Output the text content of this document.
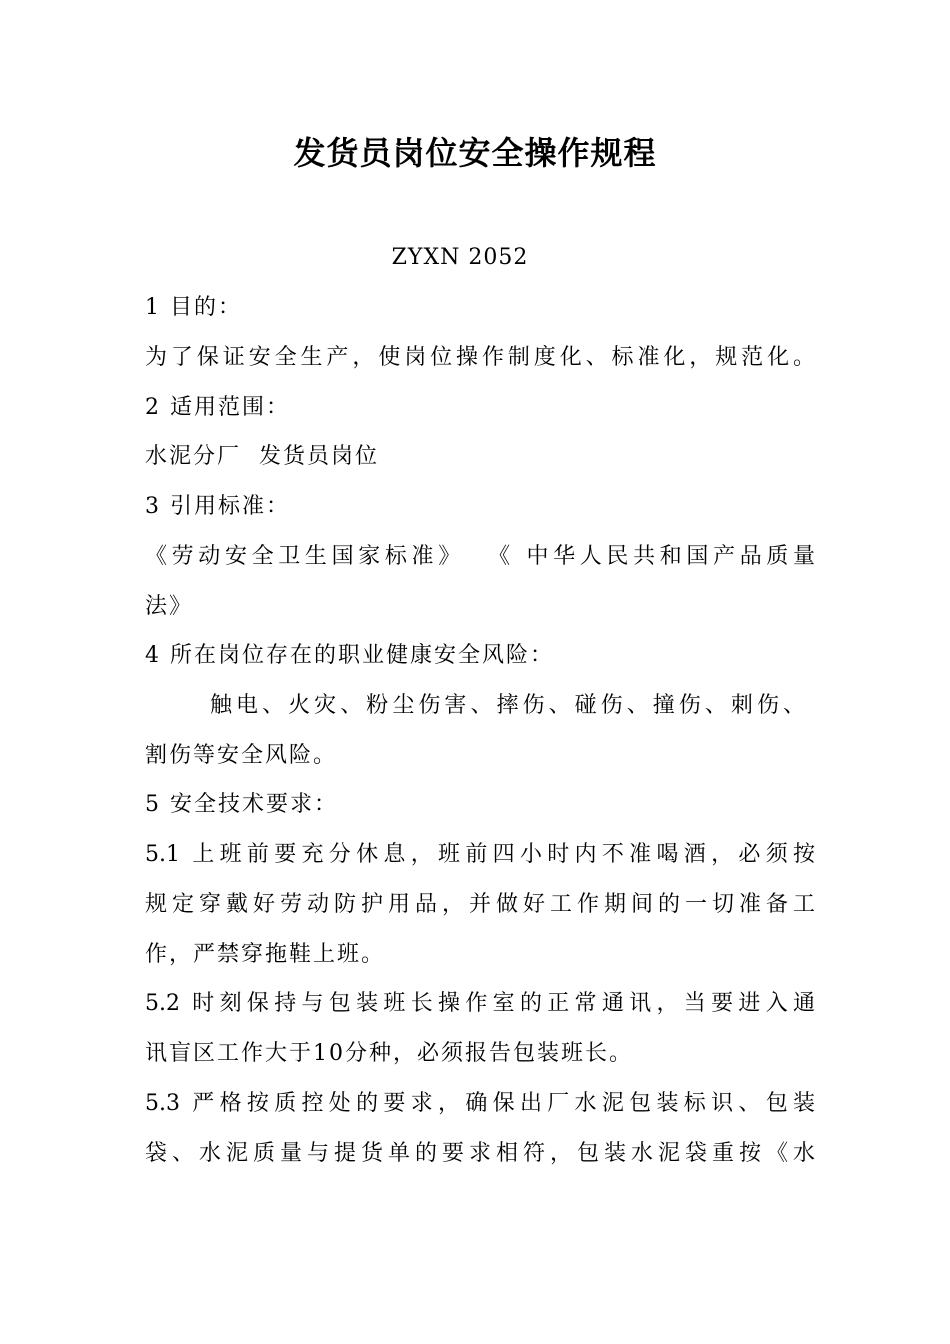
发货员岗位安全操作规程
ZYXN 2052
1 目的：
为了保证安全生产，使岗位操作制度化、标准化，规范化。
2 适用范围：
水泥分厂  发货员岗位
3 引用标准：
《劳动安全卫生国家标准》  《 中华人民共和国产品质量
法》
4 所在岗位存在的职业健康安全风险：
触电、火灾、粉尘伤害、摔伤、碰伤、撞伤、刺伤、
割伤等安全风险。
5 安全技术要求：
5.1 上班前要充分休息，班前四小时内不准喝酒，必须按
规定穿戴好劳动防护用品，并做好工作期间的一切准备工
作，严禁穿拖鞋上班。
5.2 时刻保持与包装班长操作室的正常通讯，当要进入通
讯盲区工作大于10分种，必须报告包装班长。
5.3 严格按质控处的要求，确保出厂水泥包装标识、包装
袋、水泥质量与提货单的要求相符，包装水泥袋重按《水
